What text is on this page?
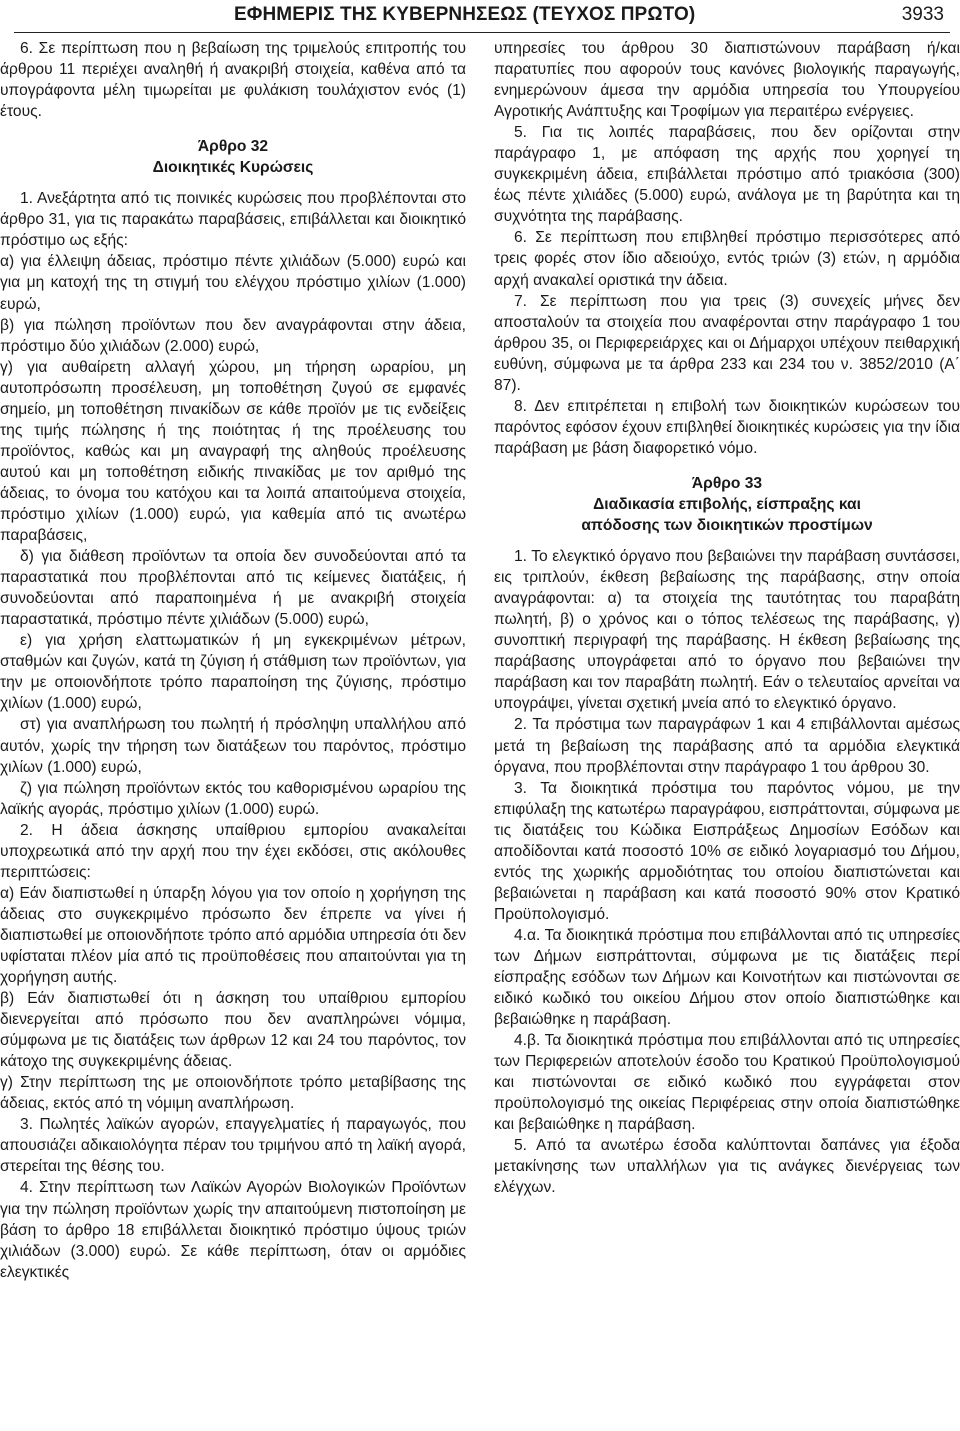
ΕΦΗΜΕΡΙΣ ΤΗΣ ΚΥΒΕΡΝΗΣΕΩΣ (ΤΕΥΧΟΣ ΠΡΩΤΟ)	3933

6. Σε περίπτωση που η βεβαίωση της τριμελούς επιτροπής του άρθρου 11 περιέχει αναληθή ή ανακριβή στοιχεία, καθένα από τα υπογράφοντα μέλη τιμωρείται με φυλάκιση τουλάχιστον ενός (1) έτους.

Άρθρο 32

Διοικητικές Κυρώσεις

1. Ανεξάρτητα από τις ποινικές κυρώσεις που προβλέπονται στο άρθρο 31, για τις παρακάτω παραβάσεις, επιβάλλεται και διοικητικό πρόστιμο ως εξής:

α) για έλλειψη άδειας, πρόστιμο πέντε χιλιάδων (5.000) ευρώ και για μη κατοχή της τη στιγμή του ελέγχου πρόστιμο χιλίων (1.000) ευρώ,

β) για πώληση προϊόντων που δεν αναγράφονται στην άδεια, πρόστιμο δύο χιλιάδων (2.000) ευρώ,

γ) για αυθαίρετη αλλαγή χώρου, μη τήρηση ωραρίου, μη αυτοπρόσωπη προσέλευση, μη τοποθέτηση ζυγού σε εμφανές σημείο, μη τοποθέτηση πινακίδων σε κάθε προϊόν με τις ενδείξεις της τιμής πώλησης ή της ποιότητας ή της προέλευσης του προϊόντος, καθώς και μη αναγραφή της αληθούς προέλευσης αυτού και μη τοποθέτηση ειδικής πινακίδας με τον αριθμό της άδειας, το όνομα του κατόχου και τα λοιπά απαιτούμενα στοιχεία, πρόστιμο χιλίων (1.000) ευρώ, για καθεμία από τις ανωτέρω παραβάσεις,

δ) για διάθεση προϊόντων τα οποία δεν συνοδεύονται από τα παραστατικά που προβλέπονται από τις κείμενες διατάξεις, ή συνοδεύονται από παραποιημένα ή με ανακριβή στοιχεία παραστατικά, πρόστιμο πέντε χιλιάδων (5.000) ευρώ,

ε) για χρήση ελαττωματικών ή μη εγκεκριμένων μέτρων, σταθμών και ζυγών, κατά τη ζύγιση ή στάθμιση των προϊόντων, για την με οποιονδήποτε τρόπο παραποίηση της ζύγισης, πρόστιμο χιλίων (1.000) ευρώ,

στ) για αναπλήρωση του πωλητή ή πρόσληψη υπαλλήλου από αυτόν, χωρίς την τήρηση των διατάξεων του παρόντος, πρόστιμο χιλίων (1.000) ευρώ,

ζ) για πώληση προϊόντων εκτός του καθορισμένου ωραρίου της λαϊκής αγοράς, πρόστιμο χιλίων (1.000) ευρώ.

2. Η άδεια άσκησης υπαίθριου εμπορίου ανακαλείται υποχρεωτικά από την αρχή που την έχει εκδόσει, στις ακόλουθες περιπτώσεις:

α) Εάν διαπιστωθεί η ύπαρξη λόγου για τον οποίο η χορήγηση της άδειας στο συγκεκριμένο πρόσωπο δεν έπρεπε να γίνει ή διαπιστωθεί με οποιονδήποτε τρόπο από αρμόδια υπηρεσία ότι δεν υφίσταται πλέον μία από τις προϋποθέσεις που απαιτούνται για τη χορήγηση αυτής.

β) Εάν διαπιστωθεί ότι η άσκηση του υπαίθριου εμπορίου διενεργείται από πρόσωπο που δεν αναπληρώνει νόμιμα, σύμφωνα με τις διατάξεις των άρθρων 12 και 24 του παρόντος, τον κάτοχο της συγκεκριμένης άδειας.

γ) Στην περίπτωση της με οποιονδήποτε τρόπο μεταβίβασης της άδειας, εκτός από τη νόμιμη αναπλήρωση.

3. Πωλητές λαϊκών αγορών, επαγγελματίες ή παραγωγός, που απουσιάζει αδικαιολόγητα πέραν του τριμήνου από τη λαϊκή αγορά, στερείται της θέσης του.

4. Στην περίπτωση των Λαϊκών Αγορών Βιολογικών Προϊόντων για την πώληση προϊόντων χωρίς την απαιτούμενη πιστοποίηση με βάση το άρθρο 18 επιβάλλεται διοικητικό πρόστιμο ύψους τριών χιλιάδων (3.000) ευρώ. Σε κάθε περίπτωση, όταν οι αρμόδιες ελεγκτικές

υπηρεσίες του άρθρου 30 διαπιστώνουν παράβαση ή/και παρατυπίες που αφορούν τους κανόνες βιολογικής παραγωγής, ενημερώνουν άμεσα την αρμόδια υπηρεσία του Υπουργείου Αγροτικής Ανάπτυξης και Τροφίμων για περαιτέρω ενέργειες.

5. Για τις λοιπές παραβάσεις, που δεν ορίζονται στην παράγραφο 1, με απόφαση της αρχής που χορηγεί τη συγκεκριμένη άδεια, επιβάλλεται πρόστιμο από τριακόσια (300) έως πέντε χιλιάδες (5.000) ευρώ, ανάλογα με τη βαρύτητα και τη συχνότητα της παράβασης.

6. Σε περίπτωση που επιβληθεί πρόστιμο περισσότερες από τρεις φορές στον ίδιο αδειούχο, εντός τριών (3) ετών, η αρμόδια αρχή ανακαλεί οριστικά την άδεια.

7. Σε περίπτωση που για τρεις (3) συνεχείς μήνες δεν αποσταλούν τα στοιχεία που αναφέρονται στην παράγραφο 1 του άρθρου 35, οι Περιφερειάρχες και οι Δήμαρχοι υπέχουν πειθαρχική ευθύνη, σύμφωνα με τα άρθρα 233 και 234 του ν. 3852/2010 (Α΄ 87).

8. Δεν επιτρέπεται η επιβολή των διοικητικών κυρώσεων του παρόντος εφόσον έχουν επιβληθεί διοικητικές κυρώσεις για την ίδια παράβαση με βάση διαφορετικό νόμο.

Άρθρο 33

Διαδικασία επιβολής, είσπραξης και απόδοσης των διοικητικών προστίμων

1. Το ελεγκτικό όργανο που βεβαιώνει την παράβαση συντάσσει, εις τριπλούν, έκθεση βεβαίωσης της παράβασης, στην οποία αναγράφονται: α) τα στοιχεία της ταυτότητας του παραβάτη πωλητή, β) ο χρόνος και ο τόπος τελέσεως της παράβασης, γ) συνοπτική περιγραφή της παράβασης. Η έκθεση βεβαίωσης της παράβασης υπογράφεται από το όργανο που βεβαιώνει την παράβαση και τον παραβάτη πωλητή. Εάν ο τελευταίος αρνείται να υπογράψει, γίνεται σχετική μνεία από το ελεγκτικό όργανο.

2. Τα πρόστιμα των παραγράφων 1 και 4 επιβάλλονται αμέσως μετά τη βεβαίωση της παράβασης από τα αρμόδια ελεγκτικά όργανα, που προβλέπονται στην παράγραφο 1 του άρθρου 30.

3. Τα διοικητικά πρόστιμα του παρόντος νόμου, με την επιφύλαξη της κατωτέρω παραγράφου, εισπράττονται, σύμφωνα με τις διατάξεις του Κώδικα Εισπράξεως Δημοσίων Εσόδων και αποδίδονται κατά ποσοστό 10% σε ειδικό λογαριασμό του Δήμου, εντός της χωρικής αρμοδιότητας του οποίου διαπιστώνεται και βεβαιώνεται η παράβαση και κατά ποσοστό 90% στον Κρατικό Προϋπολογισμό.

4.α. Τα διοικητικά πρόστιμα που επιβάλλονται από τις υπηρεσίες των Δήμων εισπράττονται, σύμφωνα με τις διατάξεις περί είσπραξης εσόδων των Δήμων και Κοινοτήτων και πιστώνονται σε ειδικό κωδικό του οικείου Δήμου στον οποίο διαπιστώθηκε και βεβαιώθηκε η παράβαση.

4.β. Τα διοικητικά πρόστιμα που επιβάλλονται από τις υπηρεσίες των Περιφερειών αποτελούν έσοδο του Κρατικού Προϋπολογισμού και πιστώνονται σε ειδικό κωδικό που εγγράφεται στον προϋπολογισμό της οικείας Περιφέρειας στην οποία διαπιστώθηκε και βεβαιώθηκε η παράβαση.

5. Από τα ανωτέρω έσοδα καλύπτονται δαπάνες για έξοδα μετακίνησης των υπαλλήλων για τις ανάγκες διενέργειας των ελέγχων.
